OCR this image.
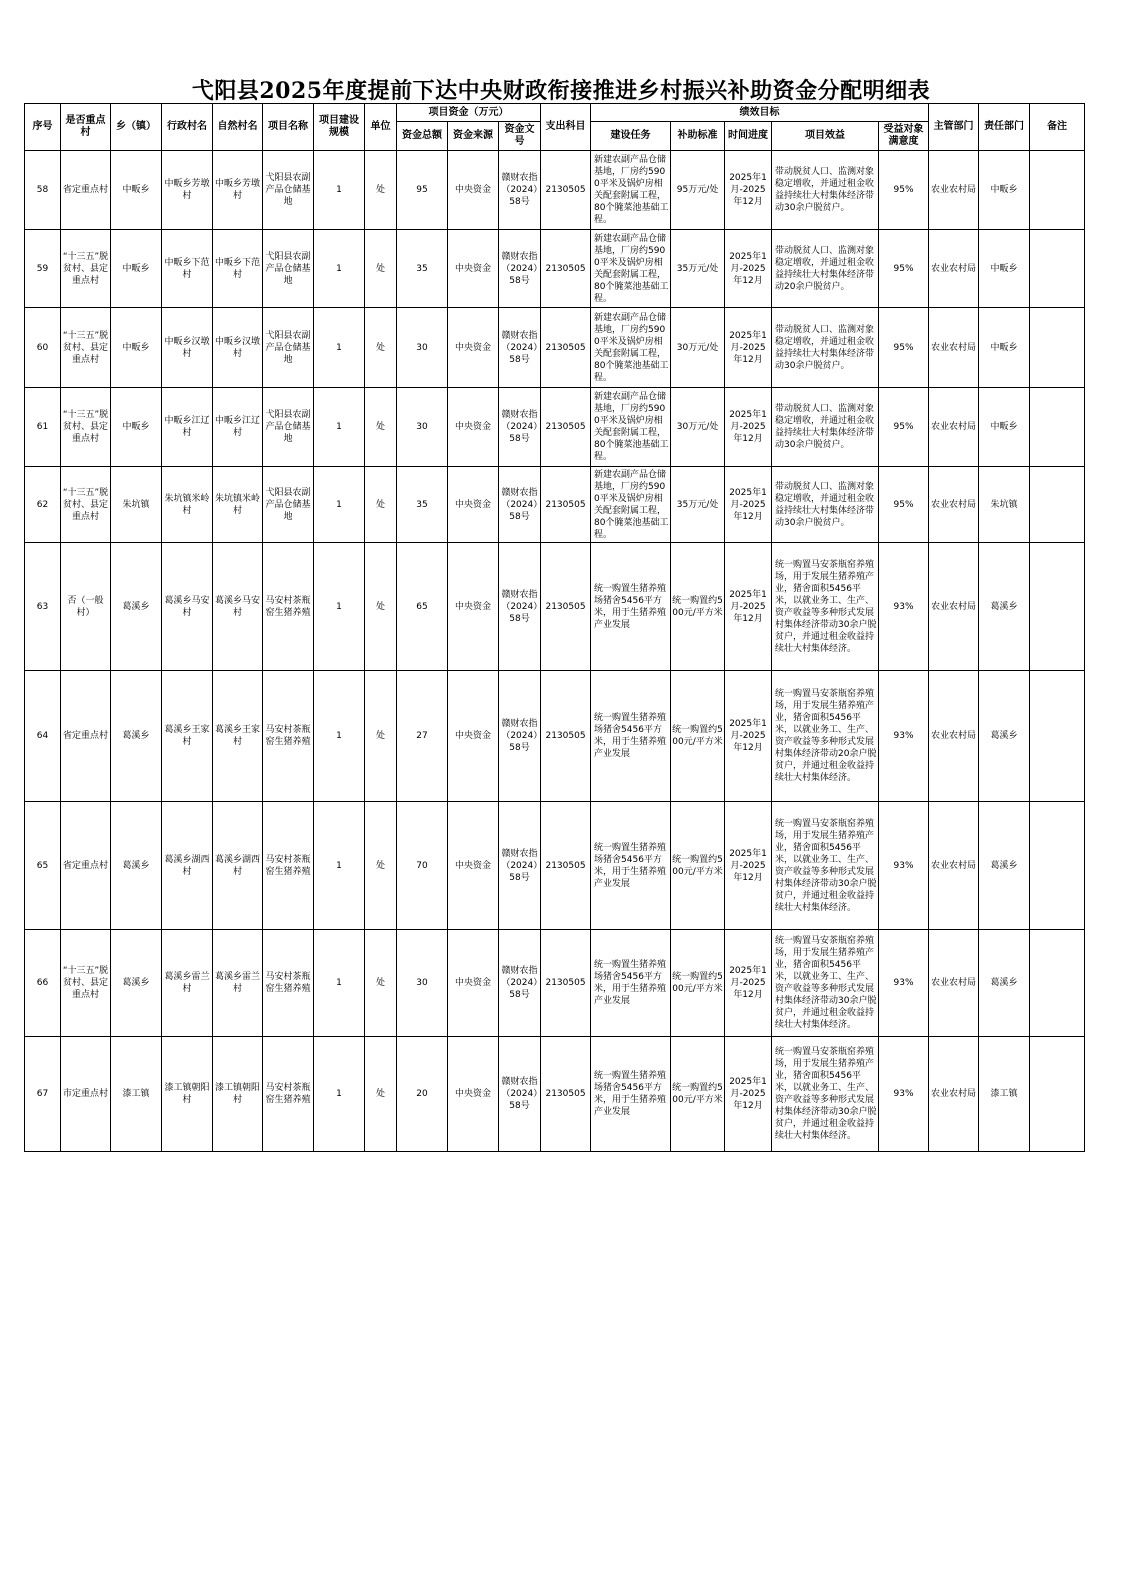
弋阳县2025年度提前下达中央财政衔接推进乡村振兴补助资金分配明细表
序号	是否重点村	乡（镇）	行政村名	自然村名	项目名称	项目建设规模	单位	项目资金（万元）			支出科目	绩效目标					主管部门	责任部门	备注
								资金总额	资金来源	资金文号		建设任务	补助标准	时间进度	项目效益	受益对象满意度			
58	省定重点村	中畈乡	中畈乡芳墩村	中畈乡芳墩村	弋阳县农副产品仓储基地	1	处	95	中央资金	赣财农指（2024）58号	2130505	新建农副产品仓储基地，厂房约5900平米及锅炉房相关配套附属工程，80个腌菜池基础工程。	95万元/处	2025年1月-2025年12月	带动脱贫人口、监测对象稳定增收，并通过租金收益持续壮大村集体经济带动30余户脱贫户。	95%	农业农村局	中畈乡	
59	“十三五”脱贫村、县定重点村	中畈乡	中畈乡下范村	中畈乡下范村	弋阳县农副产品仓储基地	1	处	35	中央资金	赣财农指（2024）58号	2130505	新建农副产品仓储基地，厂房约5900平米及锅炉房相关配套附属工程，80个腌菜池基础工程。	35万元/处	2025年1月-2025年12月	带动脱贫人口、监测对象稳定增收，并通过租金收益持续壮大村集体经济带动20余户脱贫户。	95%	农业农村局	中畈乡	
60	“十三五”脱贫村、县定重点村	中畈乡	中畈乡汉墩村	中畈乡汉墩村	弋阳县农副产品仓储基地	1	处	30	中央资金	赣财农指（2024）58号	2130505	新建农副产品仓储基地，厂房约5900平米及锅炉房相关配套附属工程，80个腌菜池基础工程。	30万元/处	2025年1月-2025年12月	带动脱贫人口、监测对象稳定增收，并通过租金收益持续壮大村集体经济带动30余户脱贫户。	95%	农业农村局	中畈乡	
61	“十三五”脱贫村、县定重点村	中畈乡	中畈乡江辽村	中畈乡江辽村	弋阳县农副产品仓储基地	1	处	30	中央资金	赣财农指（2024）58号	2130505	新建农副产品仓储基地，厂房约5900平米及锅炉房相关配套附属工程，80个腌菜池基础工程。	30万元/处	2025年1月-2025年12月	带动脱贫人口、监测对象稳定增收，并通过租金收益持续壮大村集体经济带动30余户脱贫户。	95%	农业农村局	中畈乡	
62	“十三五”脱贫村、县定重点村	朱坑镇	朱坑镇米岭村	朱坑镇米岭村	弋阳县农副产品仓储基地	1	处	35	中央资金	赣财农指（2024）58号	2130505	新建农副产品仓储基地，厂房约5900平米及锅炉房相关配套附属工程，80个腌菜池基础工程。	35万元/处	2025年1月-2025年12月	带动脱贫人口、监测对象稳定增收，并通过租金收益持续壮大村集体经济带动30余户脱贫户。	95%	农业农村局	朱坑镇	
63	否（一般村）	葛溪乡	葛溪乡马安村	葛溪乡马安村	马安村茶瓶窑生猪养殖	1	处	65	中央资金	赣财农指（2024）58号	2130505	统一购置生猪养殖场猪舍5456平方米，用于生猪养殖产业发展	统一购置约500元/平方米	2025年1月-2025年12月	统一购置马安茶瓶窑养殖场，用于发展生猪养殖产业，猪舍面积5456平米，以就业务工、生产、资产收益等多种形式发展村集体经济带动30余户脱贫户，并通过租金收益持续壮大村集体经济。	93%	农业农村局	葛溪乡	
64	省定重点村	葛溪乡	葛溪乡王家村	葛溪乡王家村	马安村茶瓶窑生猪养殖	1	处	27	中央资金	赣财农指（2024）58号	2130505	统一购置生猪养殖场猪舍5456平方米，用于生猪养殖产业发展	统一购置约500元/平方米	2025年1月-2025年12月	统一购置马安茶瓶窑养殖场，用于发展生猪养殖产业，猪舍面积5456平米，以就业务工、生产、资产收益等多种形式发展村集体经济带动20余户脱贫户，并通过租金收益持续壮大村集体经济。	93%	农业农村局	葛溪乡	
65	省定重点村	葛溪乡	葛溪乡湖西村	葛溪乡湖西村	马安村茶瓶窑生猪养殖	1	处	70	中央资金	赣财农指（2024）58号	2130505	统一购置生猪养殖场猪舍5456平方米，用于生猪养殖产业发展	统一购置约500元/平方米	2025年1月-2025年12月	统一购置马安茶瓶窑养殖场，用于发展生猪养殖产业，猪舍面积5456平米，以就业务工、生产、资产收益等多种形式发展村集体经济带动30余户脱贫户，并通过租金收益持续壮大村集体经济。	93%	农业农村局	葛溪乡	
66	“十三五”脱贫村、县定重点村	葛溪乡	葛溪乡雷兰村	葛溪乡雷兰村	马安村茶瓶窑生猪养殖	1	处	30	中央资金	赣财农指（2024）58号	2130505	统一购置生猪养殖场猪舍5456平方米，用于生猪养殖产业发展	统一购置约500元/平方米	2025年1月-2025年12月	统一购置马安茶瓶窑养殖场，用于发展生猪养殖产业，猪舍面积5456平米，以就业务工、生产、资产收益等多种形式发展村集体经济带动30余户脱贫户，并通过租金收益持续壮大村集体经济。	93%	农业农村局	葛溪乡	
67	市定重点村	漆工镇	漆工镇朝阳村	漆工镇朝阳村	马安村茶瓶窑生猪养殖	1	处	20	中央资金	赣财农指（2024）58号	2130505	统一购置生猪养殖场猪舍5456平方米，用于生猪养殖产业发展	统一购置约500元/平方米	2025年1月-2025年12月	统一购置马安茶瓶窑养殖场，用于发展生猪养殖产业，猪舍面积5456平米，以就业务工、生产、资产收益等多种形式发展村集体经济带动30余户脱贫户，并通过租金收益持续壮大村集体经济。	93%	农业农村局	漆工镇	
